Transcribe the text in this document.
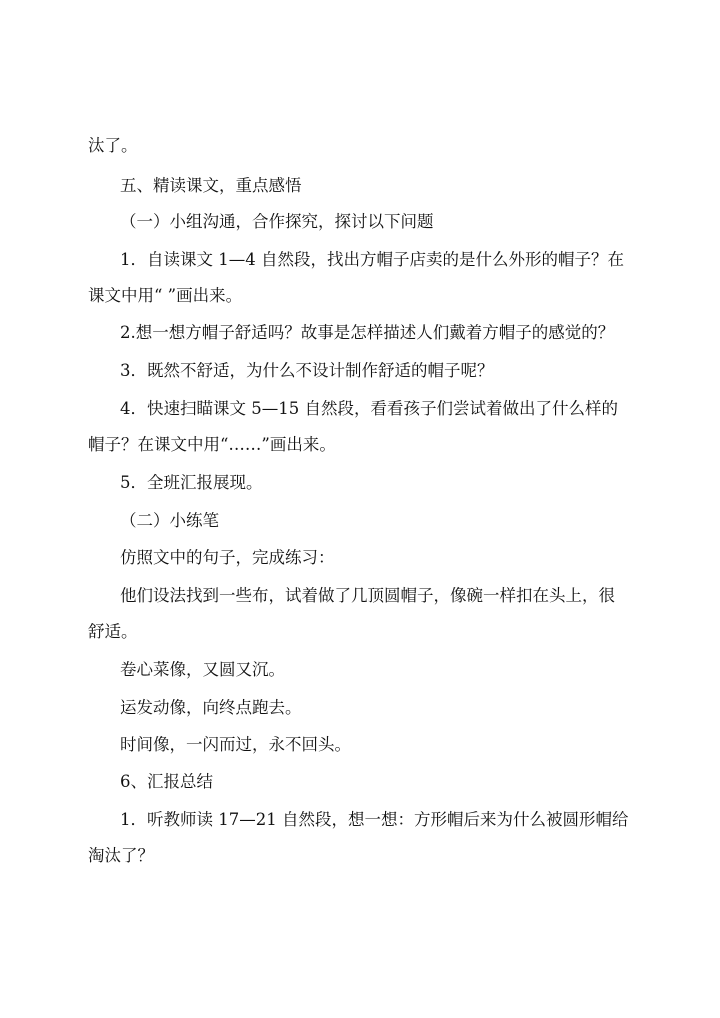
汰了。
五、精读课文，重点感悟
（一）小组沟通，合作探究，探讨以下问题
1．自读课文 1—4 自然段，找出方帽子店卖的是什么外形的帽子？在
课文中用“ ”画出来。
2.想一想方帽子舒适吗？故事是怎样描述人们戴着方帽子的感觉的？
3．既然不舒适，为什么不设计制作舒适的帽子呢？
4．快速扫瞄课文 5—15 自然段，看看孩子们尝试着做出了什么样的
帽子？在课文中用“……”画出来。
5．全班汇报展现。
（二）小练笔
仿照文中的句子，完成练习：
他们设法找到一些布，试着做了几顶圆帽子，像碗一样扣在头上，很
舒适。
卷心菜像，又圆又沉。
运发动像，向终点跑去。
时间像，一闪而过，永不回头。
6、汇报总结
1．听教师读 17—21 自然段，想一想：方形帽后来为什么被圆形帽给
淘汰了？
